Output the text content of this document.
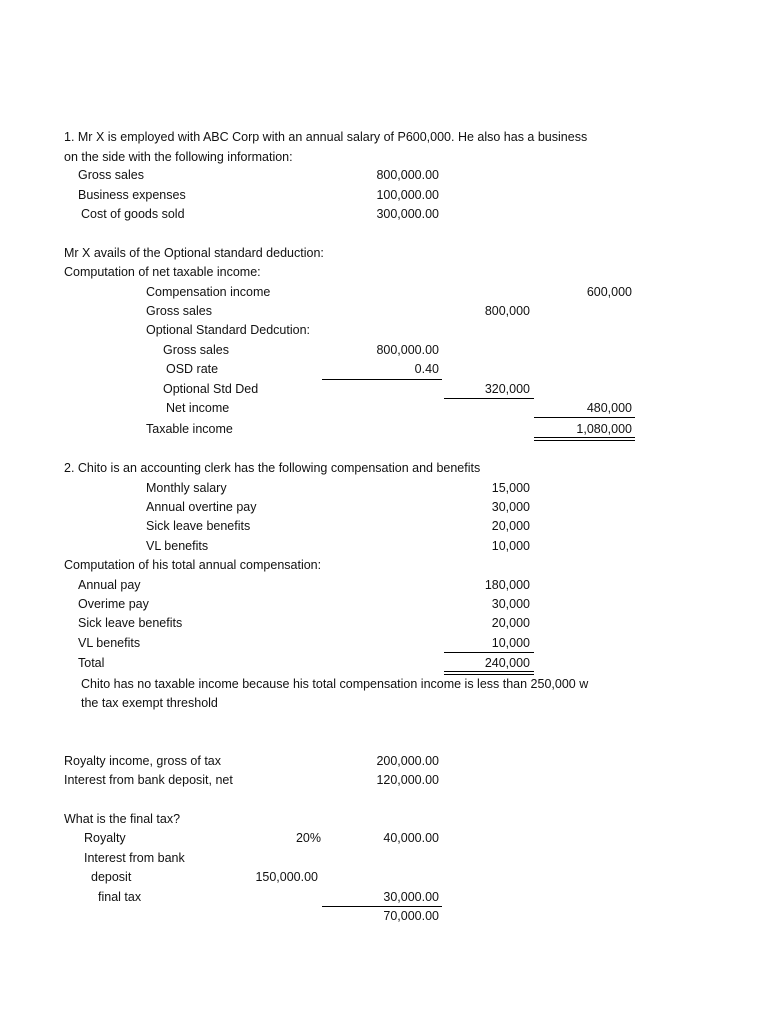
1. Mr X is employed with ABC Corp with an annual salary of P600,000. He also has a business
on the side with the following information:
Gross sales	800,000.00
Business expenses	100,000.00
Cost of goods sold	300,000.00
Mr X avails of the Optional standard deduction:
Computation of net taxable income:
Compensation income	600,000
Gross sales	800,000
Optional Standard Dedcution:
Gross sales	800,000.00
OSD rate	0.40
Optional Std Ded	320,000
Net income	480,000
Taxable income	1,080,000
2. Chito is an accounting clerk has the following compensation and benefits
Monthly salary	15,000
Annual overtine pay	30,000
Sick leave benefits	20,000
VL benefits	10,000
Computation of his total annual compensation:
Annual pay	180,000
Overime pay	30,000
Sick leave benefits	20,000
VL benefits	10,000
Total	240,000
Chito has no taxable income because his total compensation income is less than 250,000 w
the tax exempt threshold
Royalty income, gross of tax	200,000.00
Interest from bank deposit, net	120,000.00
What is the final tax?
Royalty	20%	40,000.00
Interest from bank
deposit	150,000.00
final tax	30,000.00
70,000.00
